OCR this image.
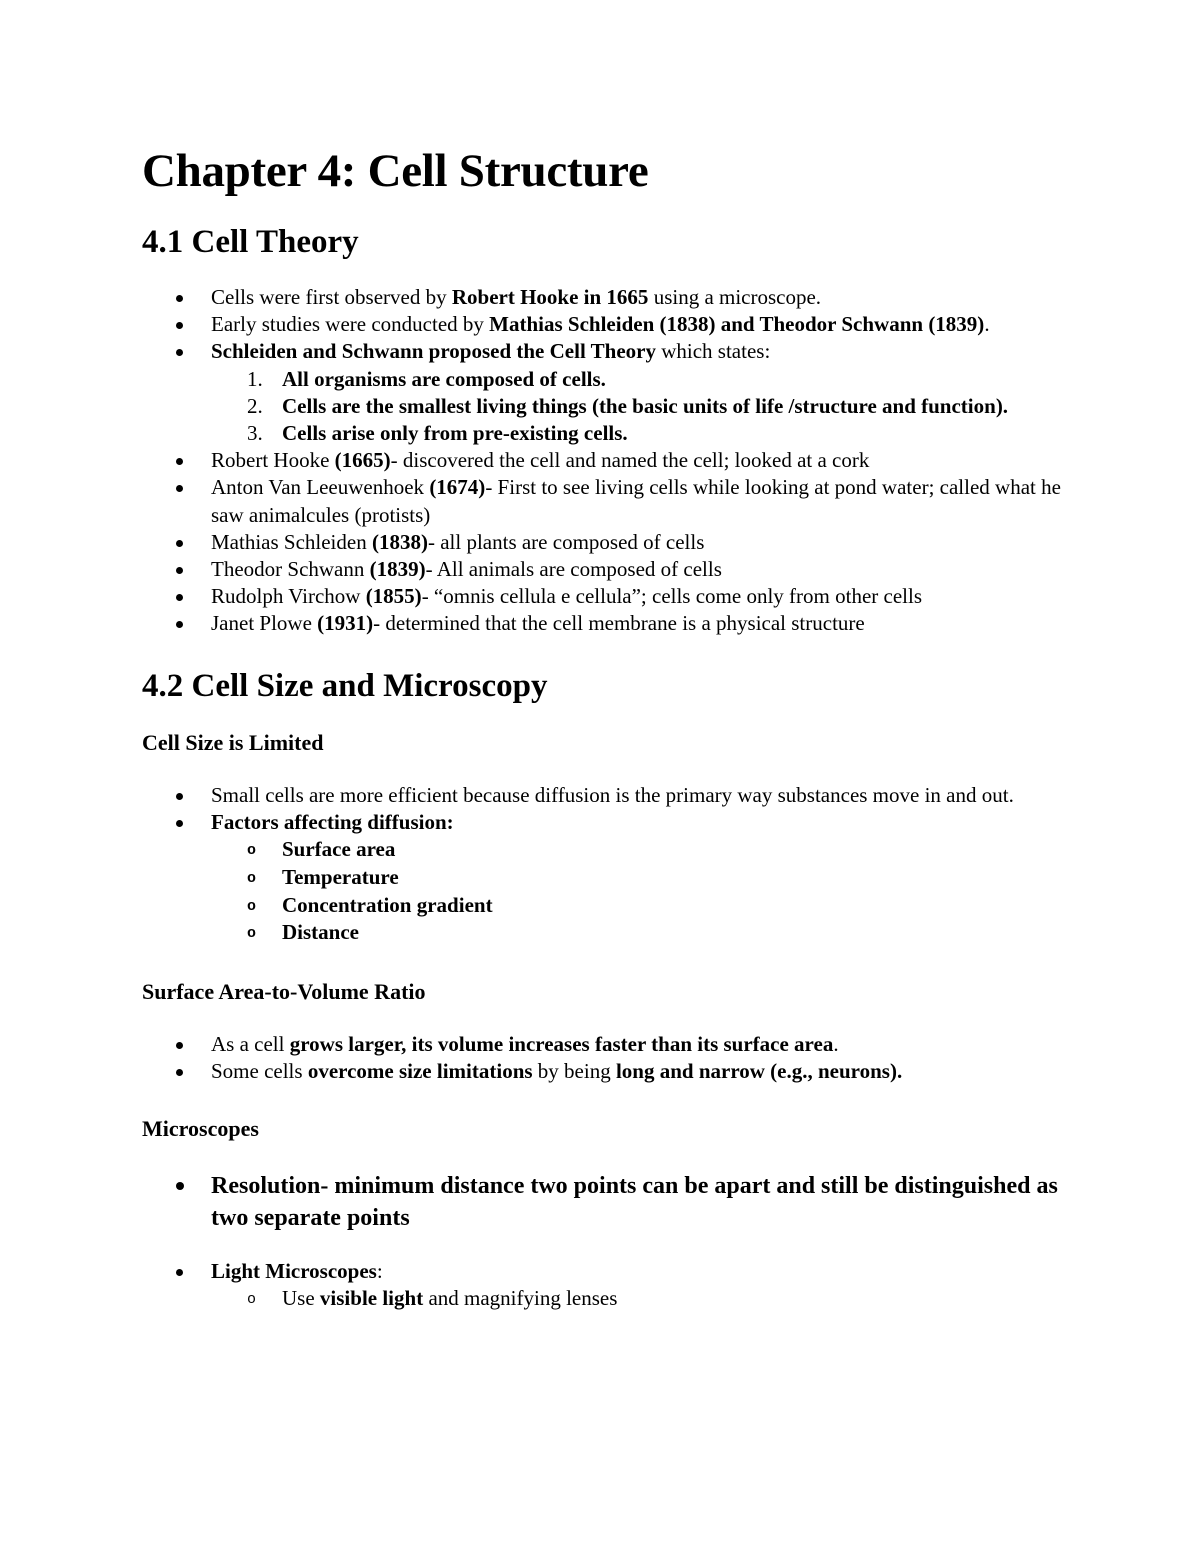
Chapter 4: Cell Structure
4.1 Cell Theory
Cells were first observed by Robert Hooke in 1665 using a microscope.
Early studies were conducted by Mathias Schleiden (1838) and Theodor Schwann (1839).
Schleiden and Schwann proposed the Cell Theory which states:
1. All organisms are composed of cells.
2. Cells are the smallest living things (the basic units of life /structure and function).
3. Cells arise only from pre-existing cells.
Robert Hooke (1665)- discovered the cell and named the cell; looked at a cork
Anton Van Leeuwenhoek (1674)- First to see living cells while looking at pond water; called what he saw animalcules (protists)
Mathias Schleiden (1838)- all plants are composed of cells
Theodor Schwann (1839)- All animals are composed of cells
Rudolph Virchow (1855)- “omnis cellula e cellula”; cells come only from other cells
Janet Plowe (1931)- determined that the cell membrane is a physical structure
4.2 Cell Size and Microscopy
Cell Size is Limited
Small cells are more efficient because diffusion is the primary way substances move in and out.
Factors affecting diffusion:
o Surface area
o Temperature
o Concentration gradient
o Distance
Surface Area-to-Volume Ratio
As a cell grows larger, its volume increases faster than its surface area.
Some cells overcome size limitations by being long and narrow (e.g., neurons).
Microscopes
Resolution- minimum distance two points can be apart and still be distinguished as two separate points
Light Microscopes:
o Use visible light and magnifying lenses
